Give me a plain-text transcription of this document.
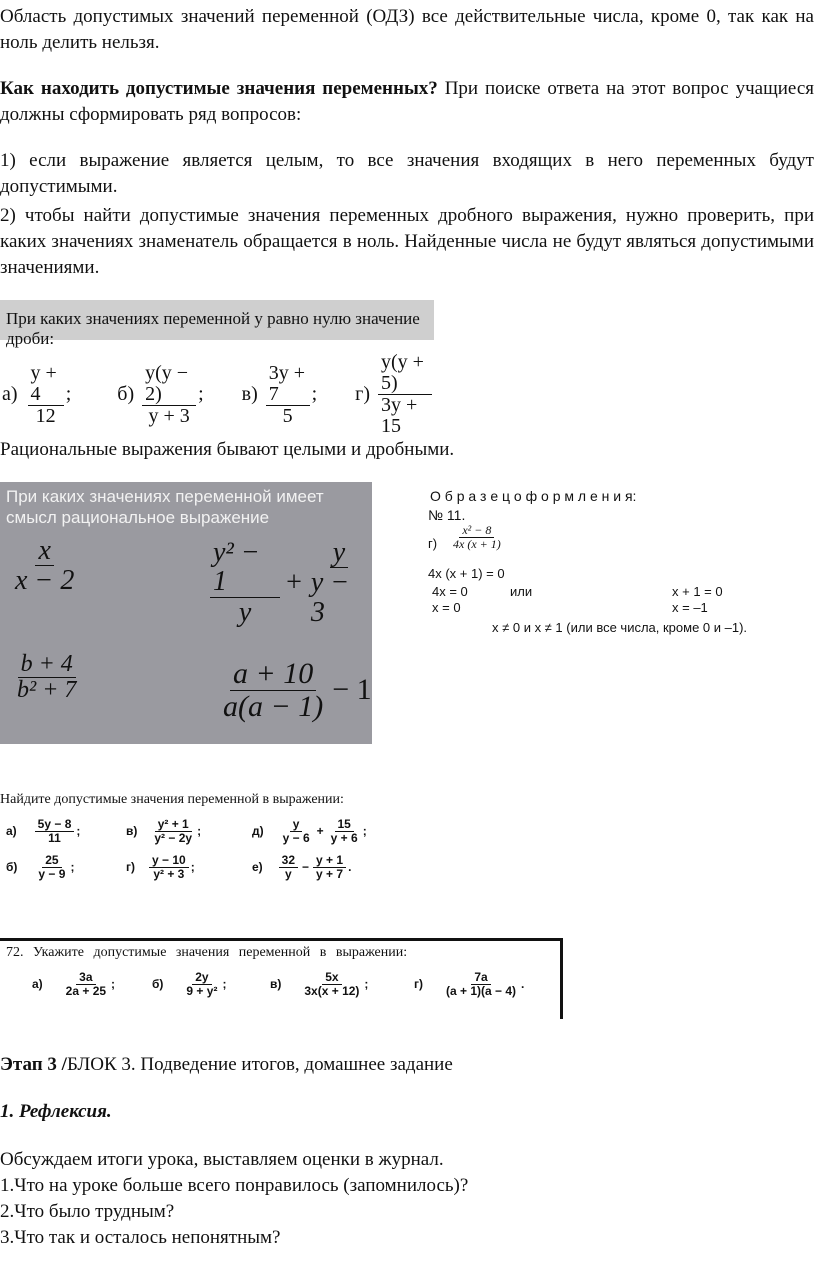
Область допустимых значений переменной (ОДЗ) все действительные числа, кроме 0, так как на ноль делить нельзя.
Как находить допустимые значения переменных? При поиске ответа на этот вопрос учащиеся должны сформировать ряд вопросов:
1) если выражение является целым, то все значения входящих в него переменных будут допустимыми.
2) чтобы найти допустимые значения переменных дробного выражения, нужно проверить, при каких значениях знаменатель обращается в ноль. Найденные числа не будут являться допустимыми значениями.
При каких значениях переменной y равно нулю значение дроби:
$а) \frac{y + 4}{12}$ ; $б) \frac{y(y - 2)}{y + 3}$ ; $в) \frac{3y + 7}{5}$ ; $г) \frac{y(y + 5)}{3y + 15}$
Рациональные выражения бывают целыми и дробными.
При каких значениях переменной имеет
смысл рациональное выражение
$\frac{x}{x - 2}$	$\frac{\text{y² − 1}}{y} + \frac{y}{y - 3}$
$\frac{b + 4}{\text{b² + 7}}$	$\frac{a + 10}{a(a - 1)} - 1$
О б р а з е ц о ф о р м л е н и я:
№ 11.
$г) \frac{\text{x² − 8}}{4x (x + 1)}$
4x (x + 1) = 0
4x = 0	или	x + 1 = 0
x = 0	x = –1
x ≠ 0 и x ≠ 1 (или все числа, кроме 0 и –1).
Найдите допустимые значения переменной в выражении:
$а) \frac{5y - 8}{11}$ ;	$в) \frac{\text{y² + 1}}{\text{y² − 2y}}$ ;	$д) \frac{y}{y - 6} + \frac{15}{y + 6}$ ;
$б) \frac{25}{y - 9}$ ;	$г) \frac{y - 10}{\text{y² + 3}}$ ;	$е) \frac{32}{y} - \frac{y + 1}{y + 7}$ .
72. Укажите допустимые значения переменной в выражении:
$а) \frac{3a}{2a + 25}$ ;	$б) \frac{2y}{\text{9 + y²}}$ ;	$в) \frac{5x}{3x(x + 12)}$ ;	$г) \frac{7a}{(a + 1)(a - 4)}$ .
Этап 3 /БЛОК 3. Подведение итогов, домашнее задание
1. Рефлексия.
Обсуждаем итоги урока, выставляем оценки в журнал.
1.Что на уроке больше всего понравилось (запомнилось)?
2.Что было трудным?
3.Что так и осталось непонятным?
